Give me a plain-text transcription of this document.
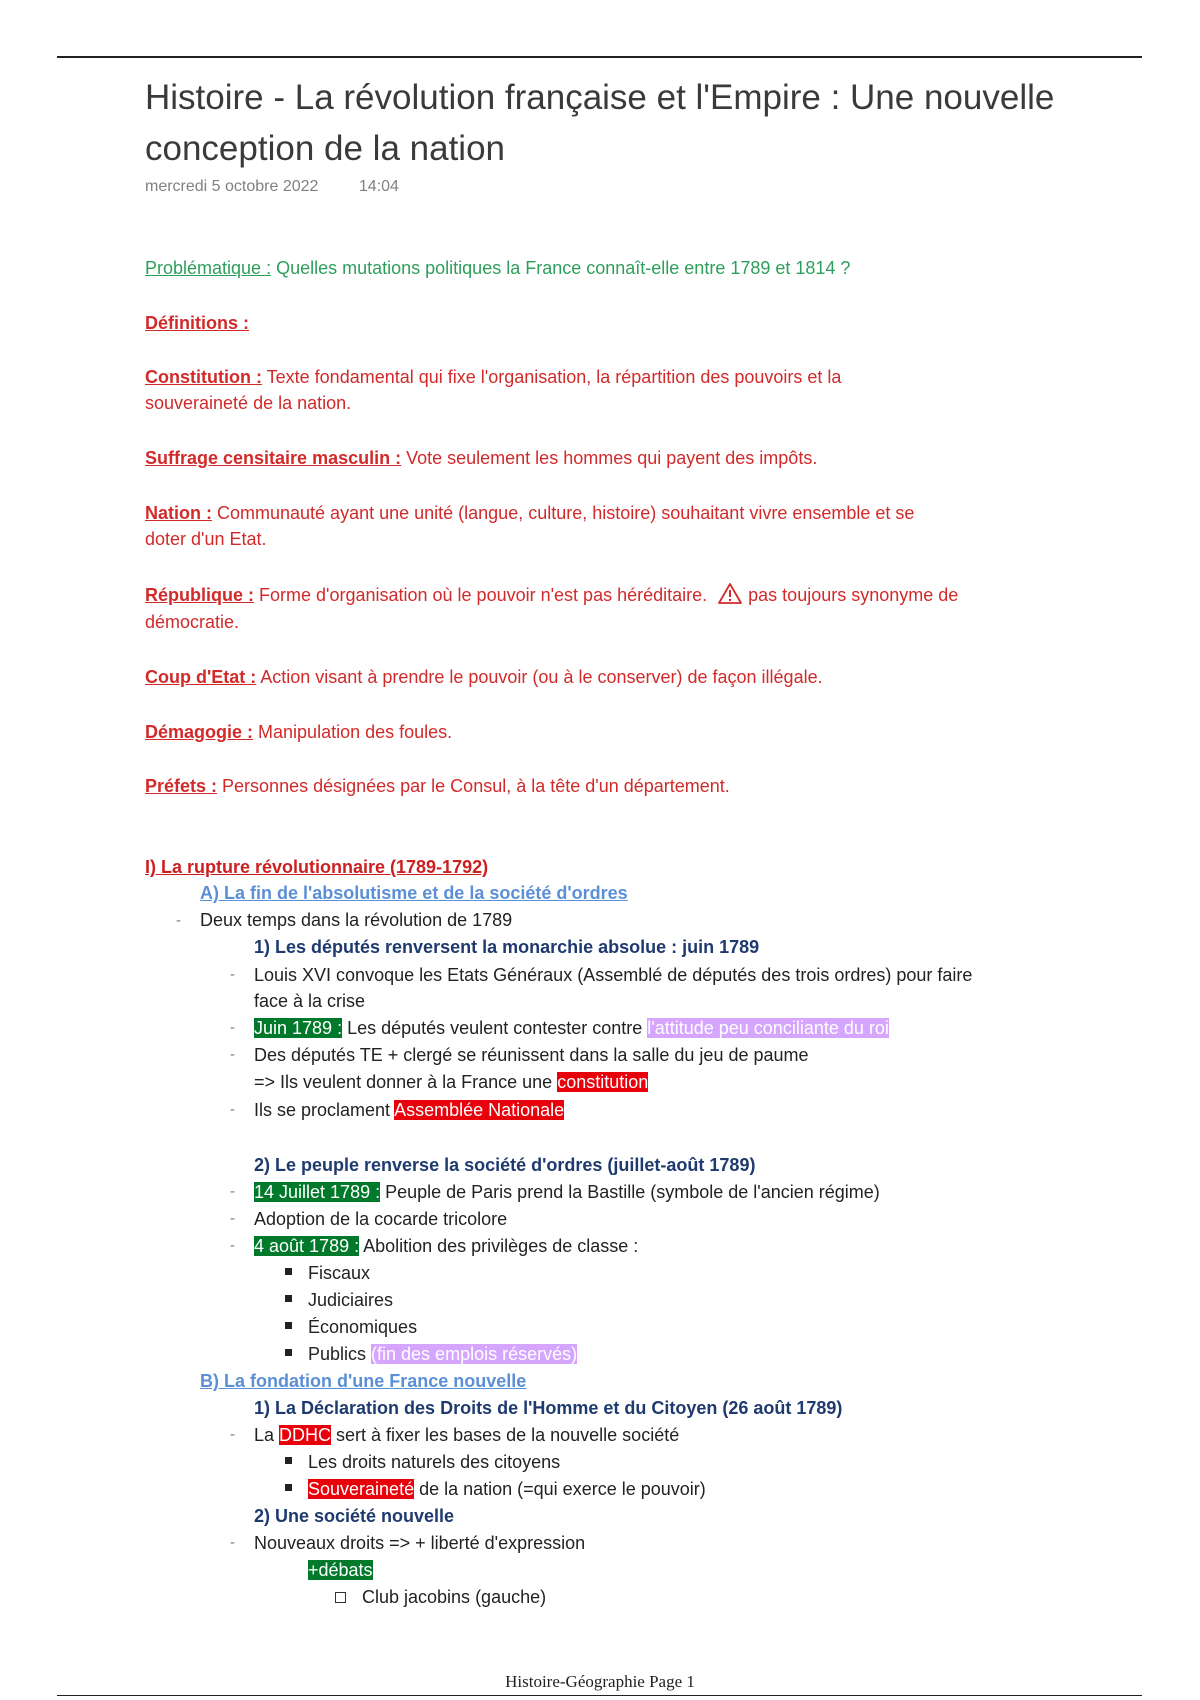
Histoire - La révolution française et l'Empire : Une nouvelle conception de la nation
mercredi 5 octobre 2022	14:04
Problématique : Quelles mutations politiques la France connaît-elle entre 1789 et 1814 ?
Définitions :
Constitution : Texte fondamental qui fixe l'organisation, la répartition des pouvoirs et la
souveraineté de la nation.
Suffrage censitaire masculin : Vote seulement les hommes qui payent des impôts.
Nation : Communauté ayant une unité (langue, culture, histoire) souhaitant vivre ensemble et se
doter d'un Etat.
République : Forme d'organisation où le pouvoir n'est pas héréditaire. pas toujours synonyme de
démocratie.
Coup d'Etat : Action visant à prendre le pouvoir (ou à le conserver) de façon illégale.
Démagogie : Manipulation des foules.
Préfets : Personnes désignées par le Consul, à la tête d'un département.
I) La rupture révolutionnaire (1789-1792)
A) La fin de l'absolutisme et de la société d'ordres
- Deux temps dans la révolution de 1789
1) Les députés renversent la monarchie absolue : juin 1789
- Louis XVI convoque les Etats Généraux (Assemblé de députés des trois ordres) pour faire
face à la crise
- Juin 1789 : Les députés veulent contester contre l'attitude peu conciliante du roi
- Des députés TE + clergé se réunissent dans la salle du jeu de paume
=> Ils veulent donner à la France une constitution
- Ils se proclament Assemblée Nationale
2) Le peuple renverse la société d'ordres (juillet-août 1789)
- 14 Juillet 1789 : Peuple de Paris prend la Bastille (symbole de l'ancien régime)
- Adoption de la cocarde tricolore
- 4 août 1789 : Abolition des privilèges de classe :
Fiscaux
Judiciaires
Économiques
Publics (fin des emplois réservés)
B) La fondation d'une France nouvelle
1) La Déclaration des Droits de l'Homme et du Citoyen (26 août 1789)
- La DDHC sert à fixer les bases de la nouvelle société
Les droits naturels des citoyens
Souveraineté de la nation (=qui exerce le pouvoir)
2) Une société nouvelle
- Nouveaux droits => + liberté d'expression
+débats
Club jacobins (gauche)
Histoire-Géographie Page 1
